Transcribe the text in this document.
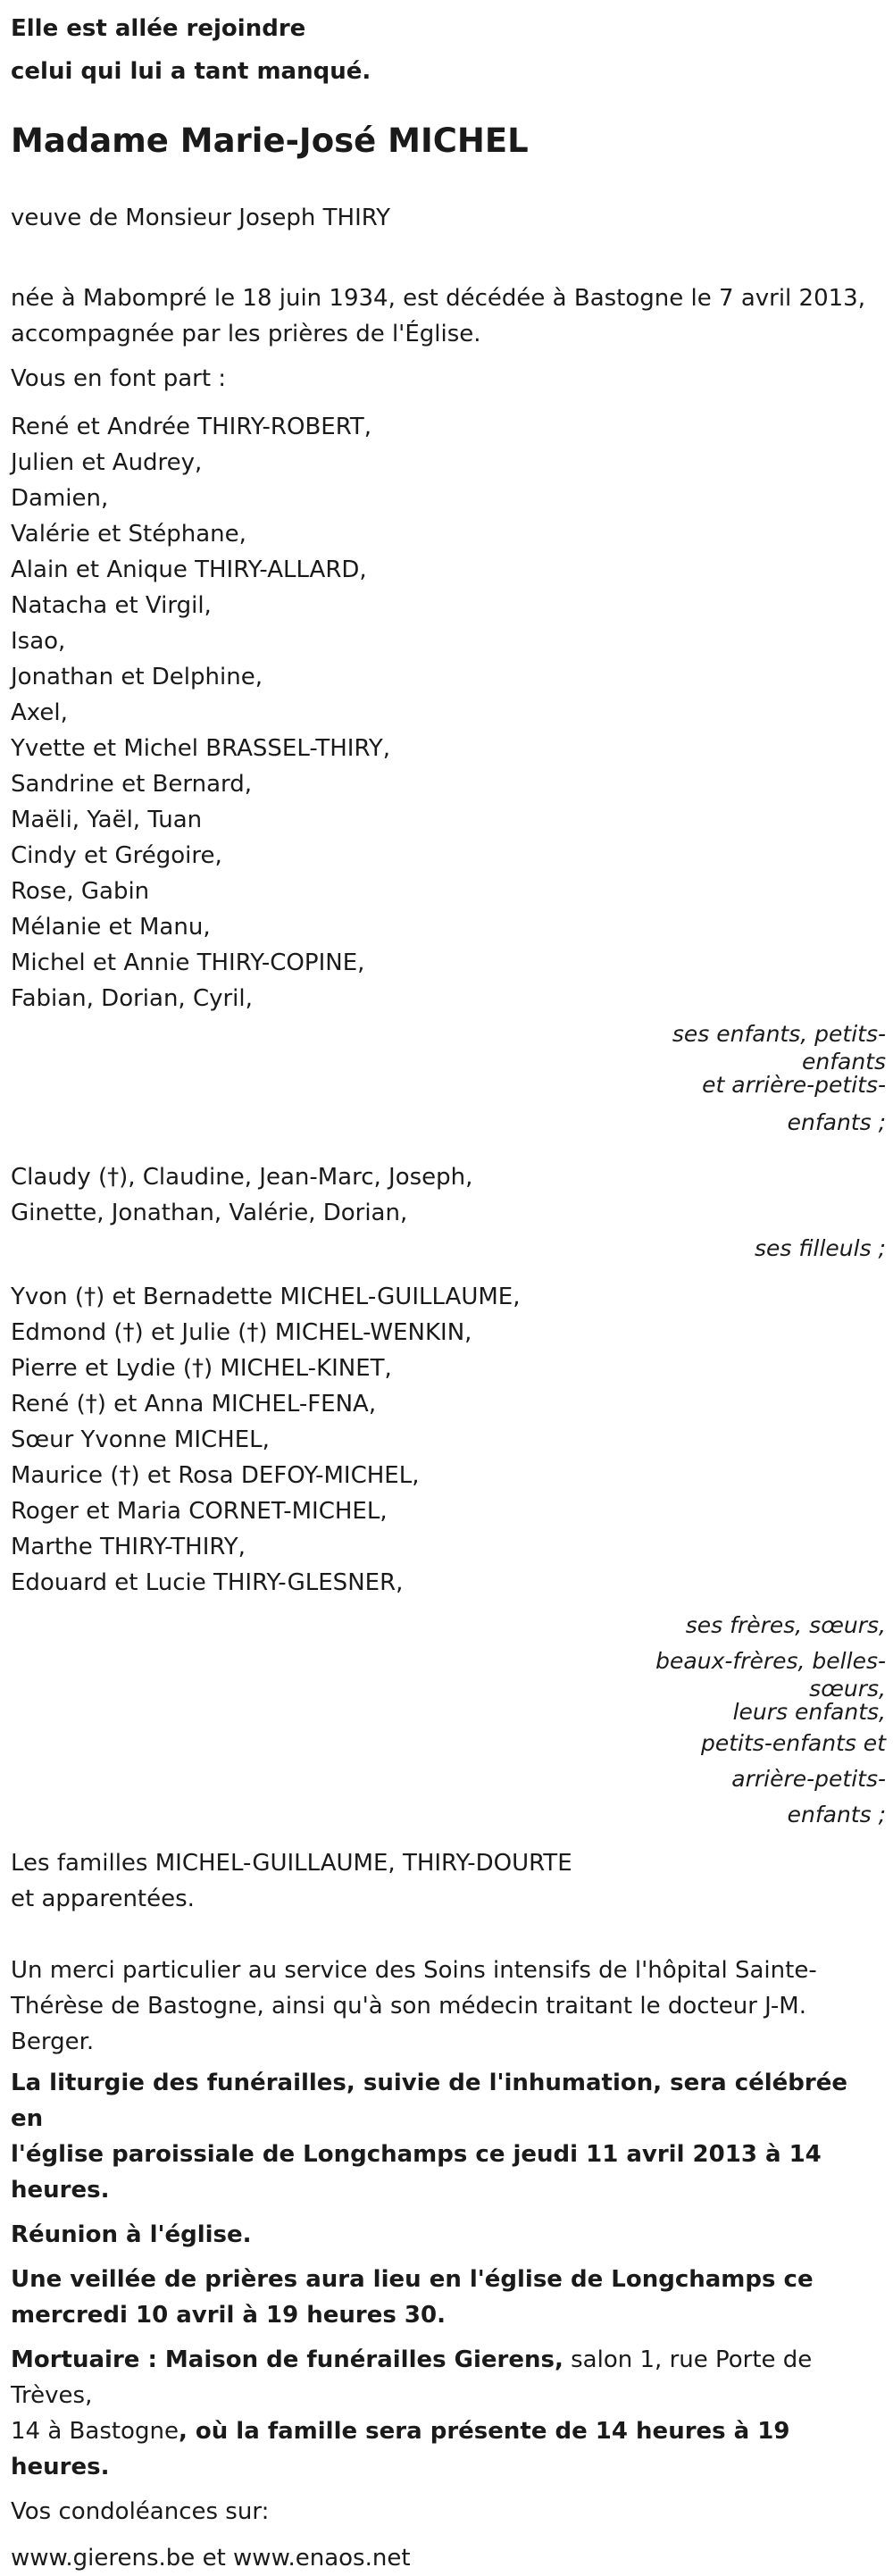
Elle est allée rejoindre
celui qui lui a tant manqué.
Madame Marie-José MICHEL
veuve de Monsieur Joseph THIRY
née à Mabompré le 18 juin 1934, est décédée à Bastogne le 7 avril 2013,
accompagnée par les prières de l'Église.
Vous en font part :
René et Andrée THIRY-ROBERT,
Julien et Audrey,
Damien,
Valérie et Stéphane,
Alain et Anique THIRY-ALLARD,
Natacha et Virgil,
Isao,
Jonathan et Delphine,
Axel,
Yvette et Michel BRASSEL-THIRY,
Sandrine et Bernard,
Maëli, Yaël, Tuan
Cindy et Grégoire,
Rose, Gabin
Mélanie et Manu,
Michel et Annie THIRY-COPINE,
Fabian, Dorian, Cyril,
ses enfants, petits-
enfants
et arrière-petits-
enfants ;
Claudy (†), Claudine, Jean-Marc, Joseph,
Ginette, Jonathan, Valérie, Dorian,
ses filleuls ;
Yvon (†) et Bernadette MICHEL-GUILLAUME,
Edmond (†) et Julie (†) MICHEL-WENKIN,
Pierre et Lydie (†) MICHEL-KINET,
René (†) et Anna MICHEL-FENA,
Sœur Yvonne MICHEL,
Maurice (†) et Rosa DEFOY-MICHEL,
Roger et Maria CORNET-MICHEL,
Marthe THIRY-THIRY,
Edouard et Lucie THIRY-GLESNER,
ses frères, sœurs,
beaux-frères, belles-
sœurs,
leurs enfants,
petits-enfants et
arrière-petits-
enfants ;
Les familles MICHEL-GUILLAUME, THIRY-DOURTE
et apparentées.
Un merci particulier au service des Soins intensifs de l'hôpital Sainte-
Thérèse de Bastogne, ainsi qu'à son médecin traitant le docteur J-M.
Berger.
La liturgie des funérailles, suivie de l'inhumation, sera célébrée en
l'église paroissiale de Longchamps ce jeudi 11 avril 2013 à 14 heures.
Réunion à l'église.
Une veillée de prières aura lieu en l'église de Longchamps ce
mercredi 10 avril à 19 heures 30.
Mortuaire : Maison de funérailles Gierens, salon 1, rue Porte de Trèves,
14 à Bastogne, où la famille sera présente de 14 heures à 19 heures.
Vos condoléances sur:
www.gierens.be et www.enaos.net
